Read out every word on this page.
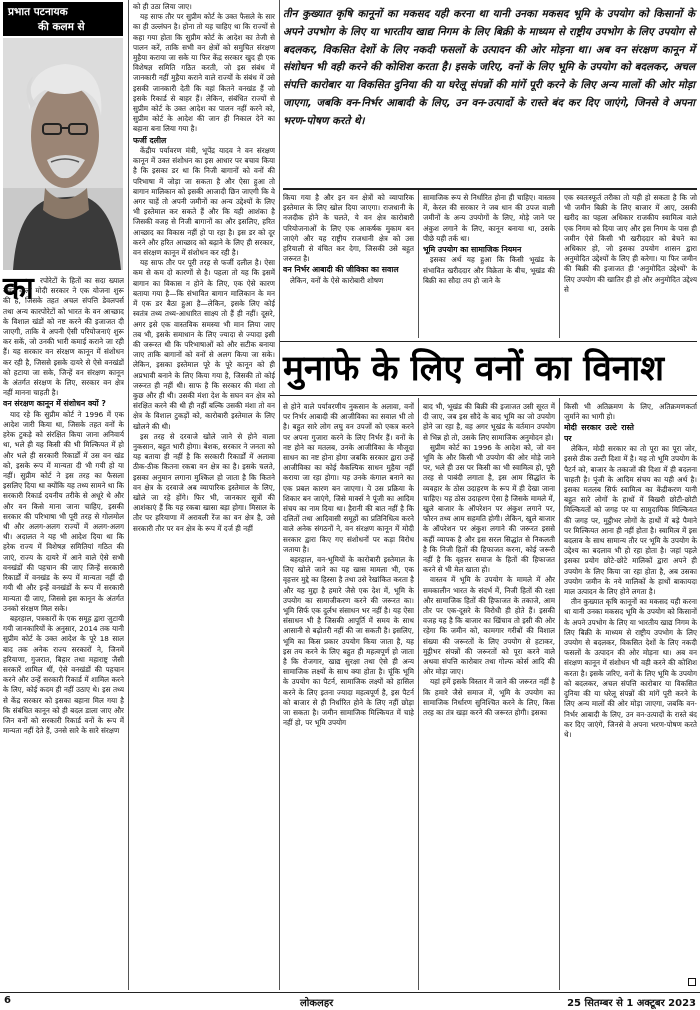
प्रभात पटनायक
की कलम से
तीन कुख्यात कृषि कानूनों का मकसद यही करना था यानी उनका मकसद भूमि के उपयोग को किसानों के अपने उपभोग के लिए या भारतीय खाद्य निगम के लिए बिक्री के माध्यम से राष्ट्रीय उपभोग के लिए उपयोग से बदलकर, विकसित देशों के लिए नकदी फसलों के उत्पादन की ओर मोड़ना था। अब वन संरक्षण कानून में संशोधन भी वही करने की कोशिश करता है। इसके जरिए, वनों के लिए भूमि के उपयोग को बदलकर, अचल संपत्ति कारोबार या विकसित दुनिया की या घरेलू संपन्नों की मांगें पूरी करने के लिए अन्य मालों की ओर मोड़ा जाएगा, जबकि वन-निर्भर आबादी के लिए, उन वन-उत्पादों के रास्ते बंद कर दिए जाएंगे, जिनसे वे अपना भरण-पोषण करते थे।
मुनाफे के लिए वनों का विनाश
का रपोरेटों के हितों का सदा ख्याल रखने वाली मोदी सरकार ने एक योजना शुरू की है, जिसके तहत अचल संपत्ति डेवलपर्स तथा अन्य कारपोरेटों को भारत के वन आच्छाद के विशाल खंडों को नष्ट करने की इजाजत दी जाएगी, ताकि वे अपनी ऐसी परियोजनाएं शुरू कर सकें, जो उनकी भारी कमाई कराने जा रही हैं। यह सरकार वन संरक्षण कानून में संशोधन कर रही है, जिससे इसके दायरे से ऐसे वनखंडों को हटाया जा सके, जिन्हें वन संरक्षण कानून के अंतर्गत संरक्षण के लिए, सरकार वन क्षेत्र नहीं मानना चाहती है।

वन संरक्षण कानून में संशोधन क्यों ?

याद रहे कि सुप्रीम कोर्ट ने 1996 में एक आदेश जारी किया था, जिसके तहत वनों के हरेक टुकड़े को संरक्षित किया जाना अनिवार्य था, भले ही यह किसी की भी मिल्कियत में हो और भले ही सरकारी रिकार्डों में उस वन खंड को, इसके रूप में मान्यता दी भी गयी हो या नहीं। सुप्रीम कोर्ट ने इस तरह का फैसला इसलिए दिया था क्योंकि यह तथ्य सामने था कि सरकारी रिकार्ड दयनीय तरीके से अधूरे थे और और वन किसे माना जाना चाहिए, इसकी सरकार की परिभाषा भी पूरी तरह से गोलमोल थी और अलग-अलग राज्यों में अलग-अलग थी। अदालत ने यह भी आदेश दिया था कि हरेक राज्य में विशेषज्ञ समितियां गठित की जाएं, राज्य के दायरे में आने वाले ऐसे सभी वनखंडों की पहचान की जाए जिन्हें सरकारी रिकार्डों में वनखंड के रूप में मान्यता नहीं दी गयी थी और इन्हें वनखंडों के रूप में सरकारी मान्यता दी जाए, जिससे इस कानून के अंतर्गत उनको संरक्षण मिल सके।

बहरहाल, पत्रकारों के एक समूह द्वारा जुटायी गयी जानकारियों के अनुसार, 2014 तक यानी सुप्रीम कोर्ट के उक्त आदेश के पूरे 18 साल बाद तक अनेक राज्य सरकारों ने, जिनमें हरियाणा, गुजरात, बिहार तथा महाराष्ट्र जैसी सरकारें शामिल थीं, ऐसे वनखंडों की पहचान करने और उन्हें सरकारी रिकार्ड में शामिल करने के लिए, कोई कदम ही नहीं उठाए थे। इस तथ्य से केंद्र सरकार को इसका बहाना मिल गया है कि संबंधित कानून को ही बदल डाला जाए और जिन वनों को सरकारी रिकार्ड वनों के रूप में मान्यता नहीं देते हैं, उनसे सारे के सारे संरक्षण

को ही उठा लिया जाए।

यह साफ तौर पर सुप्रीम कोर्ट के उक्त फैसले के सार का ही उल्लंघन है। होना तो यह चाहिए था कि राज्यों से कहा गया होता कि सुप्रीम कोर्ट के आदेश का तेजी से पालन करें, ताकि सभी वन क्षेत्रों को समुचित संरक्षण मुहैया कराया जा सके या फिर केंद्र सरकार खुद ही एक विशेषज्ञ समिति गठित करती, जो इस संबंध में जानकारी नहीं मुहैया कराने वाले राज्यों के संबंध में उसे इसकी जानकारी देती कि वहां कितने वनखंड हैं जो इसके रिकार्ड से बाहर हैं। लेकिन, संबंधित राज्यों से सुप्रीम कोर्ट के उक्त आदेश का पालन नहीं करने को, सुप्रीम कोर्ट के आदेश की जान ही निकाल देने का बहाना बना लिया गया है।

फर्जी दलील

केंद्रीय पर्यावरण मंत्री, भूपेंद्र यादव ने वन संरक्षण कानून में उक्त संशोधन का इस आधार पर बचाव किया है कि इसका डर था कि निजी बागानों को वनों की परिभाषा में जोड़ा जा सकता है और ऐसा हुआ तो बागान मालिकान को इसकी आजादी छिन जाएगी कि वे अगर चाहें तो अपनी जमीनों का अन्य उद्देश्यों के लिए भी इस्तेमाल कर सकते हैं और कि यही आशंका है जिसकी वजह से निजी बागानों का और इसलिए, हरित आच्छाद का विकास नहीं हो पा रहा है। इस डर को दूर करने और हरित आच्छाद को बढ़ाने के लिए ही सरकार, वन संरक्षण कानून में संशोधन कर रही है।

यह साफ तौर पर पूरी तरह से फर्जी दलील है। ऐसा कम से कम दो कारणों से है। पहला तो यह कि इसमें बागान का विकास न होने के लिए, एक ऐसे कारण बताया गया है—कि संभावित बागान मालिकान के मन में एक डर बैठा हुआ है—लेकिन, इसके लिए कोई स्वतंत्र तथ्य तथ्य-आधारित साक्ष्य तो हैं ही नहीं। दूसरे, अगर इसे एक वास्तविक समस्या भी मान लिया जाए तब भी, इसके समाधान के लिए ज्यादा से ज्यादा इसी की जरूरत थी कि परिभाषाओं को और सटीक बनाया जाए ताकि बागानों को वनों से अलग किया जा सके। लेकिन, इसका इस्तेमाल पूरे के पूरे कानून को ही अप्रभावी बनाने के लिए किया गया है, जिसकी तो कोई जरूरत ही नहीं थी। साफ है कि सरकार की मंशा तो कुछ और ही थी। उसकी मंशा देश के सघन वन क्षेत्र को संरक्षित करने की थी ही नहीं बल्कि उसकी मंशा तो वन क्षेत्र के विशाल टुकड़ों को, कारोबारी इस्तेमाल के लिए खोलने की थी।

इस तरह से दरवाजे खोले जाने से होने वाला नुकसान, बहुत भारी होगा। बेशक, सरकार ने जनता को यह बताया ही नहीं है कि सरकारी रिकार्डों में अलावा ठीक-ठीक कितना रकबा वन क्षेत्र का है। इसके चलते, इसका अनुमान लगाना मुश्किल हो जाता है कि कितने वन क्षेत्र के दरवाजे अब व्यापारिक इस्तेमाल के लिए, खोले जा रहे होंगे। फिर भी, जानकार सूत्रों की आशंकाएं हैं कि यह रकबा खासा बड़ा होगा। मिसाल के तौर पर हरियाणा में अरावली रेंज का वन क्षेत्र है, उसे सरकारी तौर पर वन क्षेत्र के रूप में दर्ज ही नहीं

किया गया है और इन वन क्षेत्रों को व्यापारिक इस्तेमाल के लिए खोल दिया जाएगा। राजधानी के नजदीक होने के चलते, ये वन क्षेत्र कारोबारी परियोजनाओं के लिए एक आकर्षक मुकाम बन जाएंगे और यह राष्ट्रीय राजधानी क्षेत्र को उस हरियाली से वंचित कर देगा, जिसकी उसे बहुत जरूरत है।

वन निर्भर आबादी की जीविका का सवाल

लेकिन, वनों के ऐसे कारोबारी शोषण

सामाजिक रूप से निर्धारित होना ही चाहिए। वास्तव में, केरल की सरकार ने जब धान की उपज वाली जमीनों के अन्य उपयोगों के लिए, मोड़े जाने पर अंकुश लगाने के लिए, कानून बनाया था, उसके पीछे यही तर्क था।

भूमि उपयोग का सामाजिक नियमन

इसका अर्थ यह हुआ कि किसी भूखंड के संभावित खरीददार और विक्रेता के बीच, भूखंड की बिक्री का सौदा तय हो जाने के

एक स्वतःस्फूर्त तरीका तो यही हो सकता है कि जो भी जमीन बिक्री के लिए बाजार में आए, उसकी खरीद का पहला अधिकार राजकीय स्वामित्व वाले एक निगम को दिया जाए और इस निगम के पास ही जमीन ऐसे किसी भी खरीददार को बेचने का अधिकार हो, जो इसका उपयोग शासन द्वारा अनुमोदित उद्देश्यों के लिए ही करेगा। या फिर जमीन की बिक्री की इजाजत ही 'अनुमोदित उद्देश्यों' के लिए उपयोग की खातिर ही हो और अनुमोदित उद्देश्य से

से होने वाले पर्यावरणीय नुकसान के अलावा, वनों पर निर्भर आबादी की आजीविका का सवाल भी तो है। बहुत सारे लोग लघु वन उपजों को एकत्र करने पर अपना गुजारा करने के लिए निर्भर हैं। वनों के नष्ट होने का मतलब, उनके आजीविका के मौजूदा साधन का नष्ट होना होगा जबकि सरकार द्वारा उन्हें आजीविका का कोई वैकल्पिक साधन मुहैया नहीं कराया जा रहा होगा। यह उनके कंगाल बनाने का एक प्रबल कारण बन जाएगा। ये उस प्रक्रिया के शिकार बन जाएंगे, जिसे मार्क्स ने पूंजी का आदिम संचय का नाम दिया था। हैरानी की बात नहीं है कि दलितों तथा आदिवासी समूहों का प्रतिनिधित्व करने वाले अनेक संगठनों ने, वन संरक्षण कानून में मोदी सरकार द्वारा किए गए संशोधनों पर कड़ा विरोध जताया है।

बहरहाल, वन-भूमियों के कारोबारी इस्तेमाल के लिए खोले जाने का यह खास मामला भी, एक वृहत्तर मुद्दे का हिस्सा है तथा उसे रेखांकित करता है और यह मुद्दा है हमारे जैसे एक देश में, भूमि के उपयोग का सामाजीकरण करने की जरूरत का। भूमि सिर्फ एक दुर्लभ संसाधन भर नहीं है। यह ऐसा संसाधन भी है जिसकी आपूर्ति में समय के साथ आसानी से बढ़ोतरी नहीं की जा सकती है। इसलिए, भूमि का किस प्रकार उपयोग किया जाता है, यह इस तय करने के लिए बहुत ही महत्वपूर्ण हो जाता है कि रोजगार, खाद्य सुरक्षा तथा ऐसे ही अन्य सामाजिक लक्ष्यों के साथ क्या होता है। चूंकि भूमि के उपयोग का पैटर्न, सामाजिक लक्ष्यों को हासिल करने के लिए इतना ज्यादा महत्वपूर्ण है, इस पैटर्न को बाजार से ही निर्धारित होने के लिए नहीं छोड़ा जा सकता है। जमीन सामाजिक मिल्कियत में चाहे नहीं हो, पर भूमि उपयोग

बाद भी, भूखंड की बिक्री की इजाजत उसी सूरत में दी जाए, जब इस सौदे के बाद भूमि का जो उपयोग होने जा रहा है, वह अगर भूखंड के वर्तमान उपयोग से भिन्न हो तो, उसके लिए सामाजिक अनुमोदन हो।

सुप्रीम कोर्ट का 1996 के आदेश को, जो वन भूमि के और किसी भी उपयोग की ओर मोड़े जाने पर, भले ही उस पर किसी का भी स्वामित्व हो, पूरी तरह से पाबंदी लगाता है, इस आम सिद्धांत के व्यवहार के ठोस उदाहरण के रूप में ही देखा जाना चाहिए। यह ठोस उदाहरण ऐसा है जिसके मामले में, खुले बाजार के ऑपरेशन पर अंकुश लगाने पर, फौरन तथ्य आम सहमति होगी। लेकिन, खुले बाजार के ऑपरेशन पर अंकुश लगाने की जरूरत इससे कहीं व्यापक है और इस सरल सिद्धांत से निकलती है कि निजी हितों की हिफाजत करना, कोई जरूरी नहीं है कि वृहत्तर समाज के हितों की हिफाजत करने से भी मेल खाता हो।

वास्तव में भूमि के उपयोग के मामले में और समकालीन भारत के संदर्भ में, निजी हितों की रक्षा और सामाजिक हितों की हिफाजत के तकाजे, आम तौर पर एक-दूसरे के विरोधी ही होते हैं। इसकी वजह यह है कि बाजार का खिंचाव तो इसी की ओर रहेगा कि जमीन को, कामगार गरीबों की विशाल संख्या की जरूरतों के लिए उपयोग से हटाकर, मुट्ठीभर संपन्नों की जरूरतों को पूरा करने वाले अथवा संपत्ति कारोबार तथा गोल्फ कोर्स आदि की ओर मोड़ा जाए।

यहां हमें इसके विस्तार में जाने की जरूरत नहीं है कि हमारे जैसे समाज में, भूमि के उपयोग का सामाजिक निर्धारण सुनिश्चित करने के लिए, किस तरह का तंत्र खड़ा करने की जरूरत होगी। इसका

किसी भी अतिक्रमण के लिए, अतिक्रमणकर्ता जुर्माने का भागी हो।

मोदी सरकार उल्टे रास्ते पर

लेकिन, मोदी सरकार का तो पूरा का पूरा जोर, इससे ठीक उल्टी दिशा में है। यह तो भूमि उपयोग के पैटर्न को, बाजार के तकाजों की दिशा में ही बदलना चाहती है। पूंजी के आदिम संचय का यही अर्थ है। इसका मतलब सिर्फ स्वामित्व का केंद्रीकरण यानी बहुत सारे लोगों के हाथों में बिखरी छोटी-छोटी मिल्कियतों को जगह पर या सामुदायिक मिल्कियत की जगह पर, मुट्ठीभर लोगों के हाथों में बड़े पैमाने पर मिल्कियत आना ही नहीं होता है। स्वामित्व में इस बदलाव के साथ सामान्य तौर पर भूमि के उपयोग के उद्देश्य का बदलाव भी हो रहा होता है। जहां पहले इसका प्रयोग छोटे-छोटे मालिकों द्वारा अपने ही उपयोग के लिए किया जा रहा होता है, अब उसका उपयोग जमीन के नये मालिकों के हाथों बाकायदा माल उत्पादन के लिए होने लगता है।

तीन कुख्यात कृषि कानूनों का मकसद यही करना था यानी उनका मकसद भूमि के उपयोग को किसानों के अपने उपभोग के लिए या भारतीय खाद्य निगम के लिए बिक्री के माध्यम से राष्ट्रीय उपभोग के लिए उपयोग से बदलकर, विकसित देशों के लिए नकदी फसलों के उत्पादन की ओर मोड़ना था। अब वन संरक्षण कानून में संशोधन भी वही करने की कोशिश करता है। इसके जरिए, वनों के लिए भूमि के उपयोग को बदलकर, अचल संपत्ति कारोबार या विकसित दुनिया की या घरेलू संपन्नों की मांगें पूरी करने के लिए अन्य मालों की ओर मोड़ा जाएगा, जबकि वन-निर्भर आबादी के लिए, उन वन-उत्पादों के रास्ते बंद कर दिए जाएंगे, जिनसे वे अपना भरण-पोषण करते थे।

6	लोकलहर	25 सितम्बर से 1 अक्टूबर 2023
